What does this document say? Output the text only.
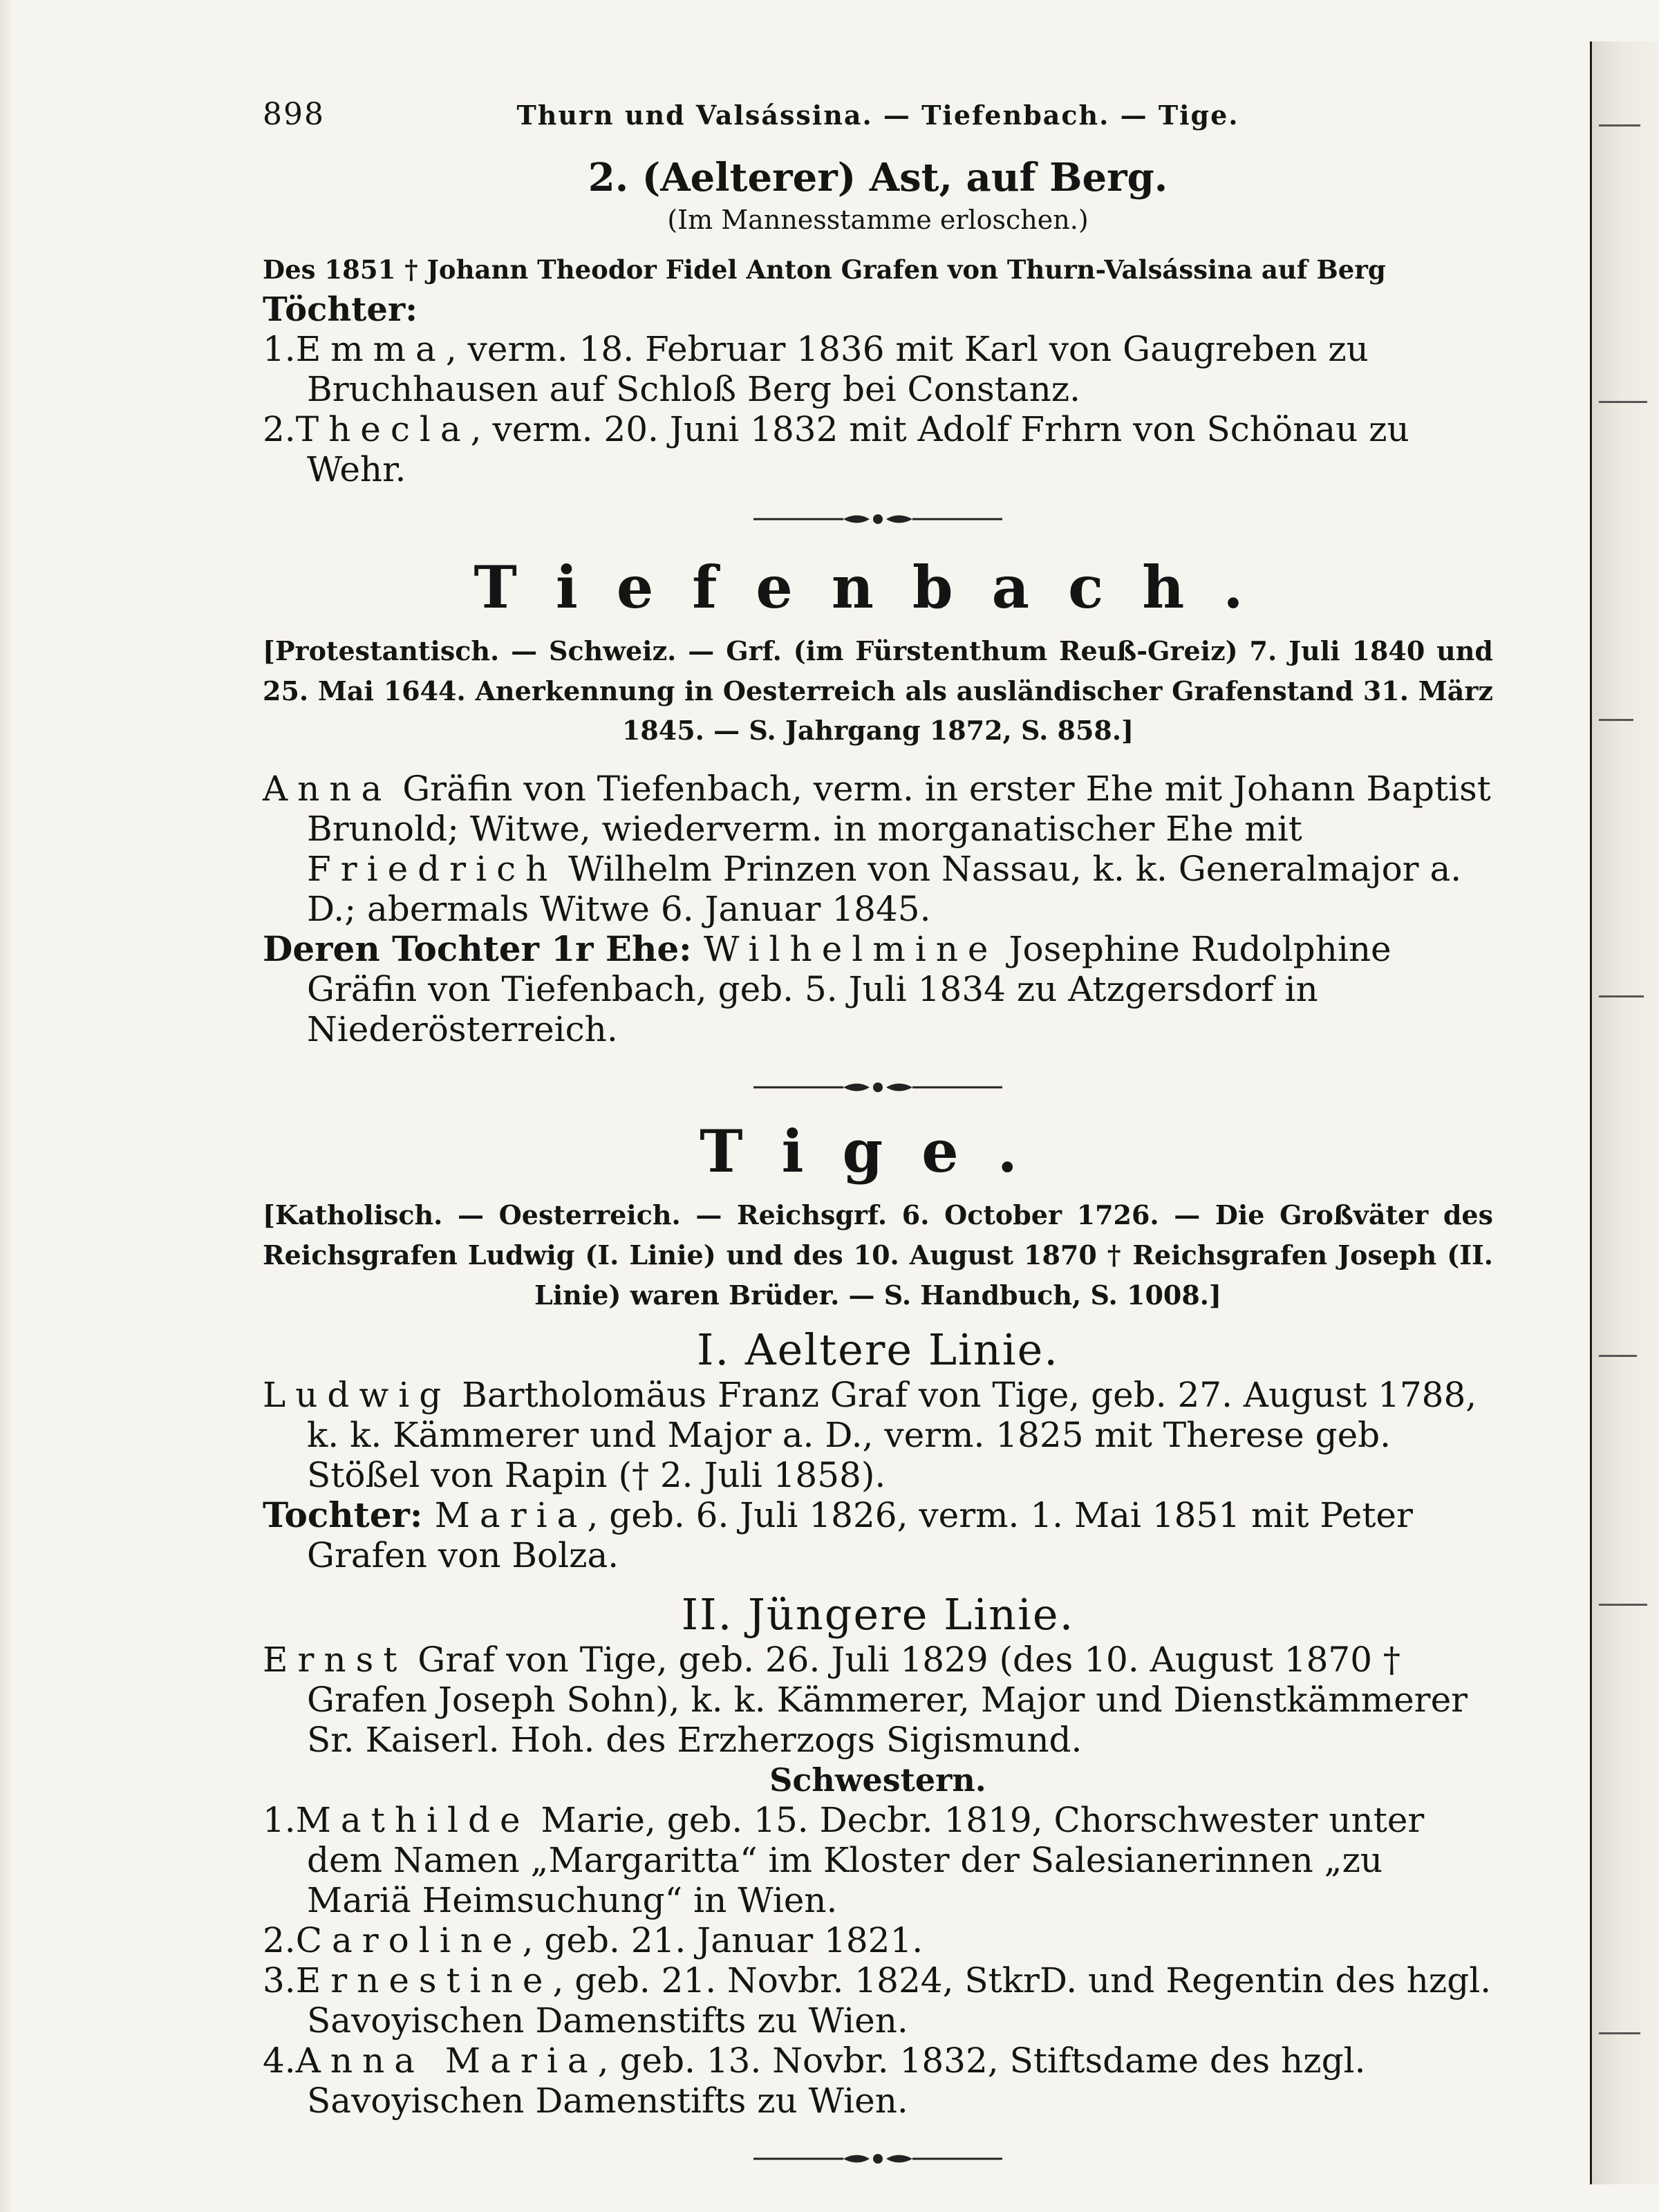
898	Thurn und Valsássina. — Tiefenbach. — Tige.
2. (Aelterer) Ast, auf Berg.
(Im Mannesstamme erloschen.)
Des 1851 † Johann Theodor Fidel Anton Grafen von Thurn-Valsássina auf Berg
Töchter:

1.Emma, verm. 18. Februar 1836 mit Karl von Gaugreben zu Bruchhausen auf Schloß Berg bei Constanz.

2.Thecla, verm. 20. Juni 1832 mit Adolf Frhrn von Schönau zu Wehr.

Tiefenbach.
[Protestantisch. — Schweiz. — Grf. (im Fürstenthum Reuß-Greiz) 7. Juli 1840 und 25. Mai 1644. Anerkennung in Oesterreich als ausländischer Grafenstand 31. März 1845. — S. Jahrgang 1872, S. 858.]

Anna Gräfin von Tiefenbach, verm. in erster Ehe mit Johann Baptist Brunold; Witwe, wiederverm. in morganatischer Ehe mit Friedrich Wilhelm Prinzen von Nassau, k. k. Generalmajor a. D.; abermals Witwe 6. Januar 1845.

Deren Tochter 1r Ehe: Wilhelmine Josephine Rudolphine Gräfin von Tiefenbach, geb. 5. Juli 1834 zu Atzgersdorf in Niederösterreich.

Tige.
[Katholisch. — Oesterreich. — Reichsgrf. 6. October 1726. — Die Großväter des Reichsgrafen Ludwig (I. Linie) und des 10. August 1870 † Reichsgrafen Joseph (II. Linie) waren Brüder. — S. Handbuch, S. 1008.]
I. Aeltere Linie.

Ludwig Bartholomäus Franz Graf von Tige, geb. 27. August 1788, k. k. Kämmerer und Major a. D., verm. 1825 mit Therese geb. Stößel von Rapin († 2. Juli 1858).

Tochter: Maria, geb. 6. Juli 1826, verm. 1. Mai 1851 mit Peter Grafen von Bolza.

II. Jüngere Linie.

Ernst Graf von Tige, geb. 26. Juli 1829 (des 10. August 1870 † Grafen Joseph Sohn), k. k. Kämmerer, Major und Dienstkämmerer Sr. Kaiserl. Hoh. des Erzherzogs Sigismund.

Schwestern.

1.Mathilde Marie, geb. 15. Decbr. 1819, Chorschwester unter dem Namen „Margaritta“ im Kloster der Salesianerinnen „zu Mariä Heimsuchung“ in Wien.

2.Caroline, geb. 21. Januar 1821.

3.Ernestine, geb. 21. Novbr. 1824, StkrD. und Regentin des hzgl. Savoyischen Damenstifts zu Wien.

4.Anna Maria, geb. 13. Novbr. 1832, Stiftsdame des hzgl. Savoyischen Damenstifts zu Wien.
